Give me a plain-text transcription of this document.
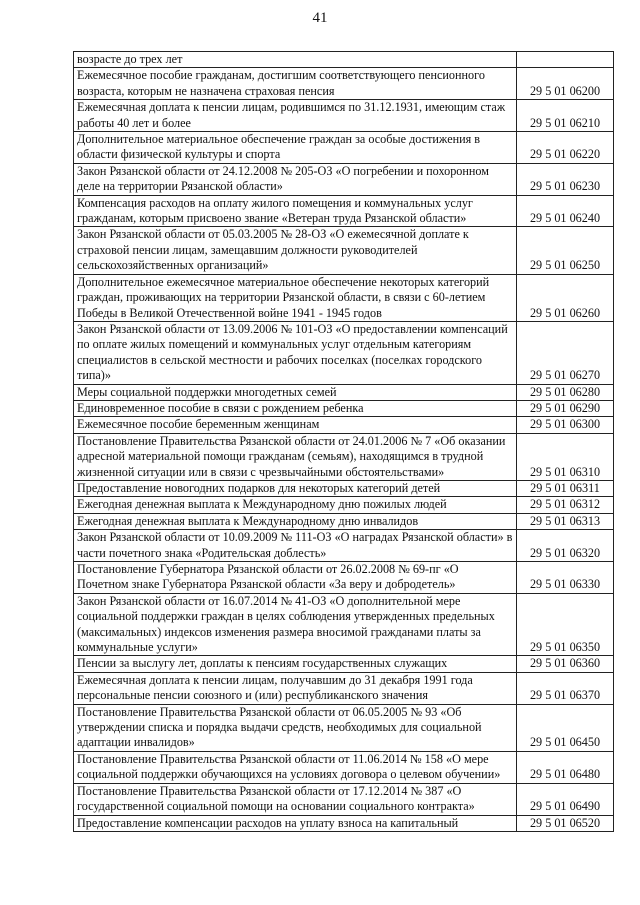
41
возрасте до трех лет	
Ежемесячное пособие гражданам, достигшим соответствующего пенсионного возраста, которым не назначена страховая пенсия	29 5 01 06200
Ежемесячная доплата к пенсии лицам, родившимся по 31.12.1931, имеющим стаж работы 40 лет и более	29 5 01 06210
Дополнительное материальное обеспечение граждан за особые достижения в области физической культуры и спорта	29 5 01 06220
Закон Рязанской области от 24.12.2008 № 205-ОЗ «О погребении и похоронном деле на территории Рязанской области»	29 5 01 06230
Компенсация расходов на оплату жилого помещения и коммунальных услуг гражданам, которым присвоено звание «Ветеран труда Рязанской области»	29 5 01 06240
Закон Рязанской области от 05.03.2005 № 28-ОЗ «О ежемесячной доплате к страховой пенсии лицам, замещавшим должности руководителей сельскохозяйственных организаций»	29 5 01 06250
Дополнительное ежемесячное материальное обеспечение некоторых категорий граждан, проживающих на территории Рязанской области, в связи с 60-летием Победы в Великой Отечественной войне 1941 - 1945 годов	29 5 01 06260
Закон Рязанской области от 13.09.2006 № 101-ОЗ «О предоставлении компенсаций по оплате жилых помещений и коммунальных услуг отдельным категориям специалистов в сельской местности и рабочих поселках (поселках городского типа)»	29 5 01 06270
Меры социальной поддержки многодетных семей	29 5 01 06280
Единовременное пособие в связи с рождением ребенка	29 5 01 06290
Ежемесячное пособие беременным женщинам	29 5 01 06300
Постановление Правительства Рязанской области от 24.01.2006 № 7 «Об оказании адресной материальной помощи гражданам (семьям), находящимся в трудной жизненной ситуации или в связи с чрезвычайными обстоятельствами»	29 5 01 06310
Предоставление новогодних подарков для некоторых категорий детей	29 5 01 06311
Ежегодная денежная выплата к Международному дню пожилых людей	29 5 01 06312
Ежегодная денежная выплата к Международному дню инвалидов	29 5 01 06313
Закон Рязанской области от 10.09.2009 № 111-ОЗ «О наградах Рязанской области» в части почетного знака «Родительская доблесть»	29 5 01 06320
Постановление Губернатора Рязанской области от 26.02.2008 № 69-пг «О Почетном знаке Губернатора Рязанской области «За веру и добродетель»	29 5 01 06330
Закон Рязанской области от 16.07.2014 № 41-ОЗ «О дополнительной мере социальной поддержки граждан в целях соблюдения утвержденных предельных (максимальных) индексов изменения размера вносимой гражданами платы за коммунальные услуги»	29 5 01 06350
Пенсии за выслугу лет, доплаты к пенсиям государственных служащих	29 5 01 06360
Ежемесячная доплата к пенсии лицам, получавшим до 31 декабря 1991 года персональные пенсии союзного и (или) республиканского значения	29 5 01 06370
Постановление Правительства Рязанской области от 06.05.2005 № 93 «Об утверждении списка и порядка выдачи средств, необходимых для социальной адаптации инвалидов»	29 5 01 06450
Постановление Правительства Рязанской области от 11.06.2014 № 158 «О мере социальной поддержки обучающихся на условиях договора о целевом обучении»	29 5 01 06480
Постановление Правительства Рязанской области от 17.12.2014 № 387 «О государственной социальной помощи на основании социального контракта»	29 5 01 06490
Предоставление компенсации расходов на уплату взноса на капитальный	29 5 01 06520
